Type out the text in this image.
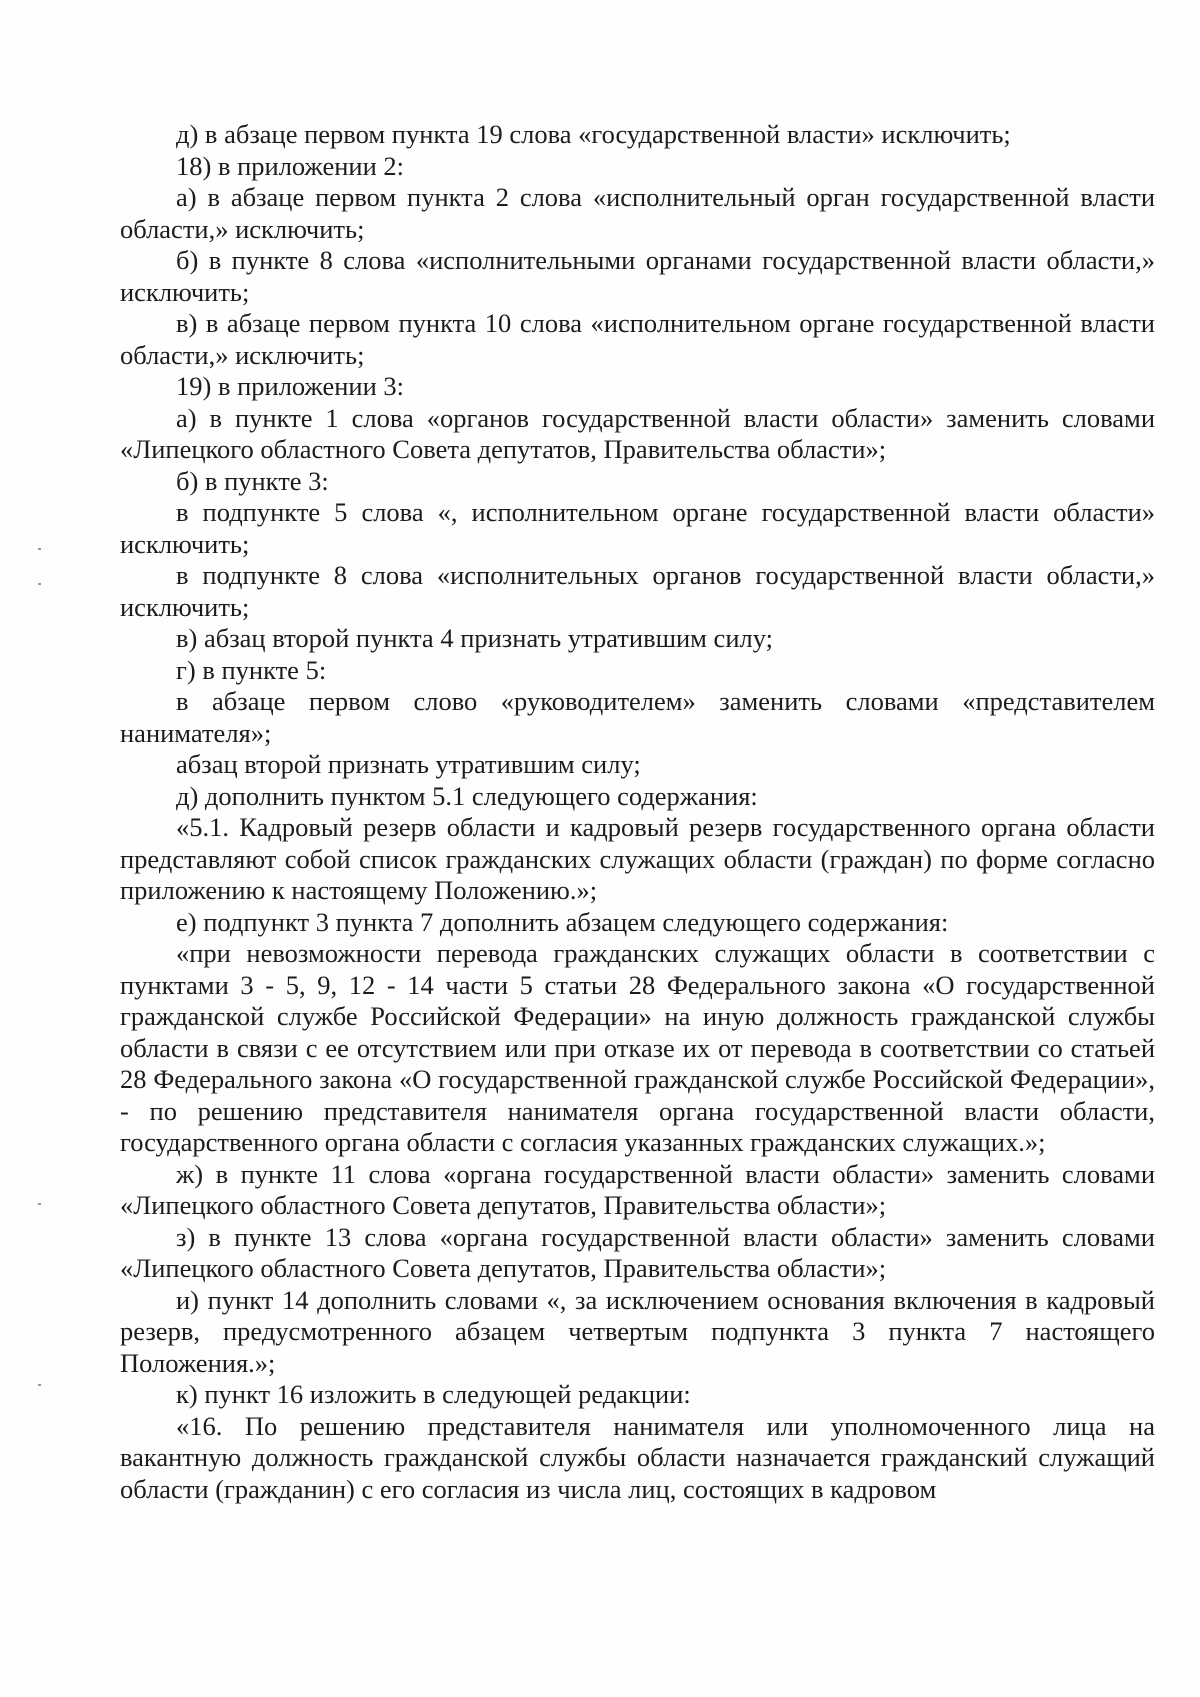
д) в абзаце первом пункта 19 слова «государственной власти» исключить;

18) в приложении 2:

а) в абзаце первом пункта 2 слова «исполнительный орган государственной власти области,» исключить;

б) в пункте 8 слова «исполнительными органами государственной власти области,» исключить;

в) в абзаце первом пункта 10 слова «исполнительном органе государственной власти области,» исключить;

19) в приложении 3:

а) в пункте 1 слова «органов государственной власти области» заменить словами «Липецкого областного Совета депутатов, Правительства области»;

б) в пункте 3:

в подпункте 5 слова «, исполнительном органе государственной власти области» исключить;

в подпункте 8 слова «исполнительных органов государственной власти области,» исключить;

в) абзац второй пункта 4 признать утратившим силу;

г) в пункте 5:

в абзаце первом слово «руководителем» заменить словами «представителем нанимателя»;

абзац второй признать утратившим силу;

д) дополнить пунктом 5.1 следующего содержания:

«5.1. Кадровый резерв области и кадровый резерв государственного органа области представляют собой список гражданских служащих области (граждан) по форме согласно приложению к настоящему Положению.»;

е) подпункт 3 пункта 7 дополнить абзацем следующего содержания:

«при невозможности перевода гражданских служащих области в соответствии с пунктами 3 - 5, 9, 12 - 14 части 5 статьи 28 Федерального закона «О государственной гражданской службе Российской Федерации» на иную должность гражданской службы области в связи с ее отсутствием или при отказе их от перевода в соответствии со статьей 28 Федерального закона «О государственной гражданской службе Российской Федерации», - по решению представителя нанимателя органа государственной власти области, государственного органа области с согласия указанных гражданских служащих.»;

ж) в пункте 11 слова «органа государственной власти области» заменить словами «Липецкого областного Совета депутатов, Правительства области»;

з) в пункте 13 слова «органа государственной власти области» заменить словами «Липецкого областного Совета депутатов, Правительства области»;

и) пункт 14 дополнить словами «, за исключением основания включения в кадровый резерв, предусмотренного абзацем четвертым подпункта 3 пункта 7 настоящего Положения.»;

к) пункт 16 изложить в следующей редакции:

«16. По решению представителя нанимателя или уполномоченного лица на вакантную должность гражданской службы области назначается гражданский служащий области (гражданин) с его согласия из числа лиц, состоящих в кадровом
